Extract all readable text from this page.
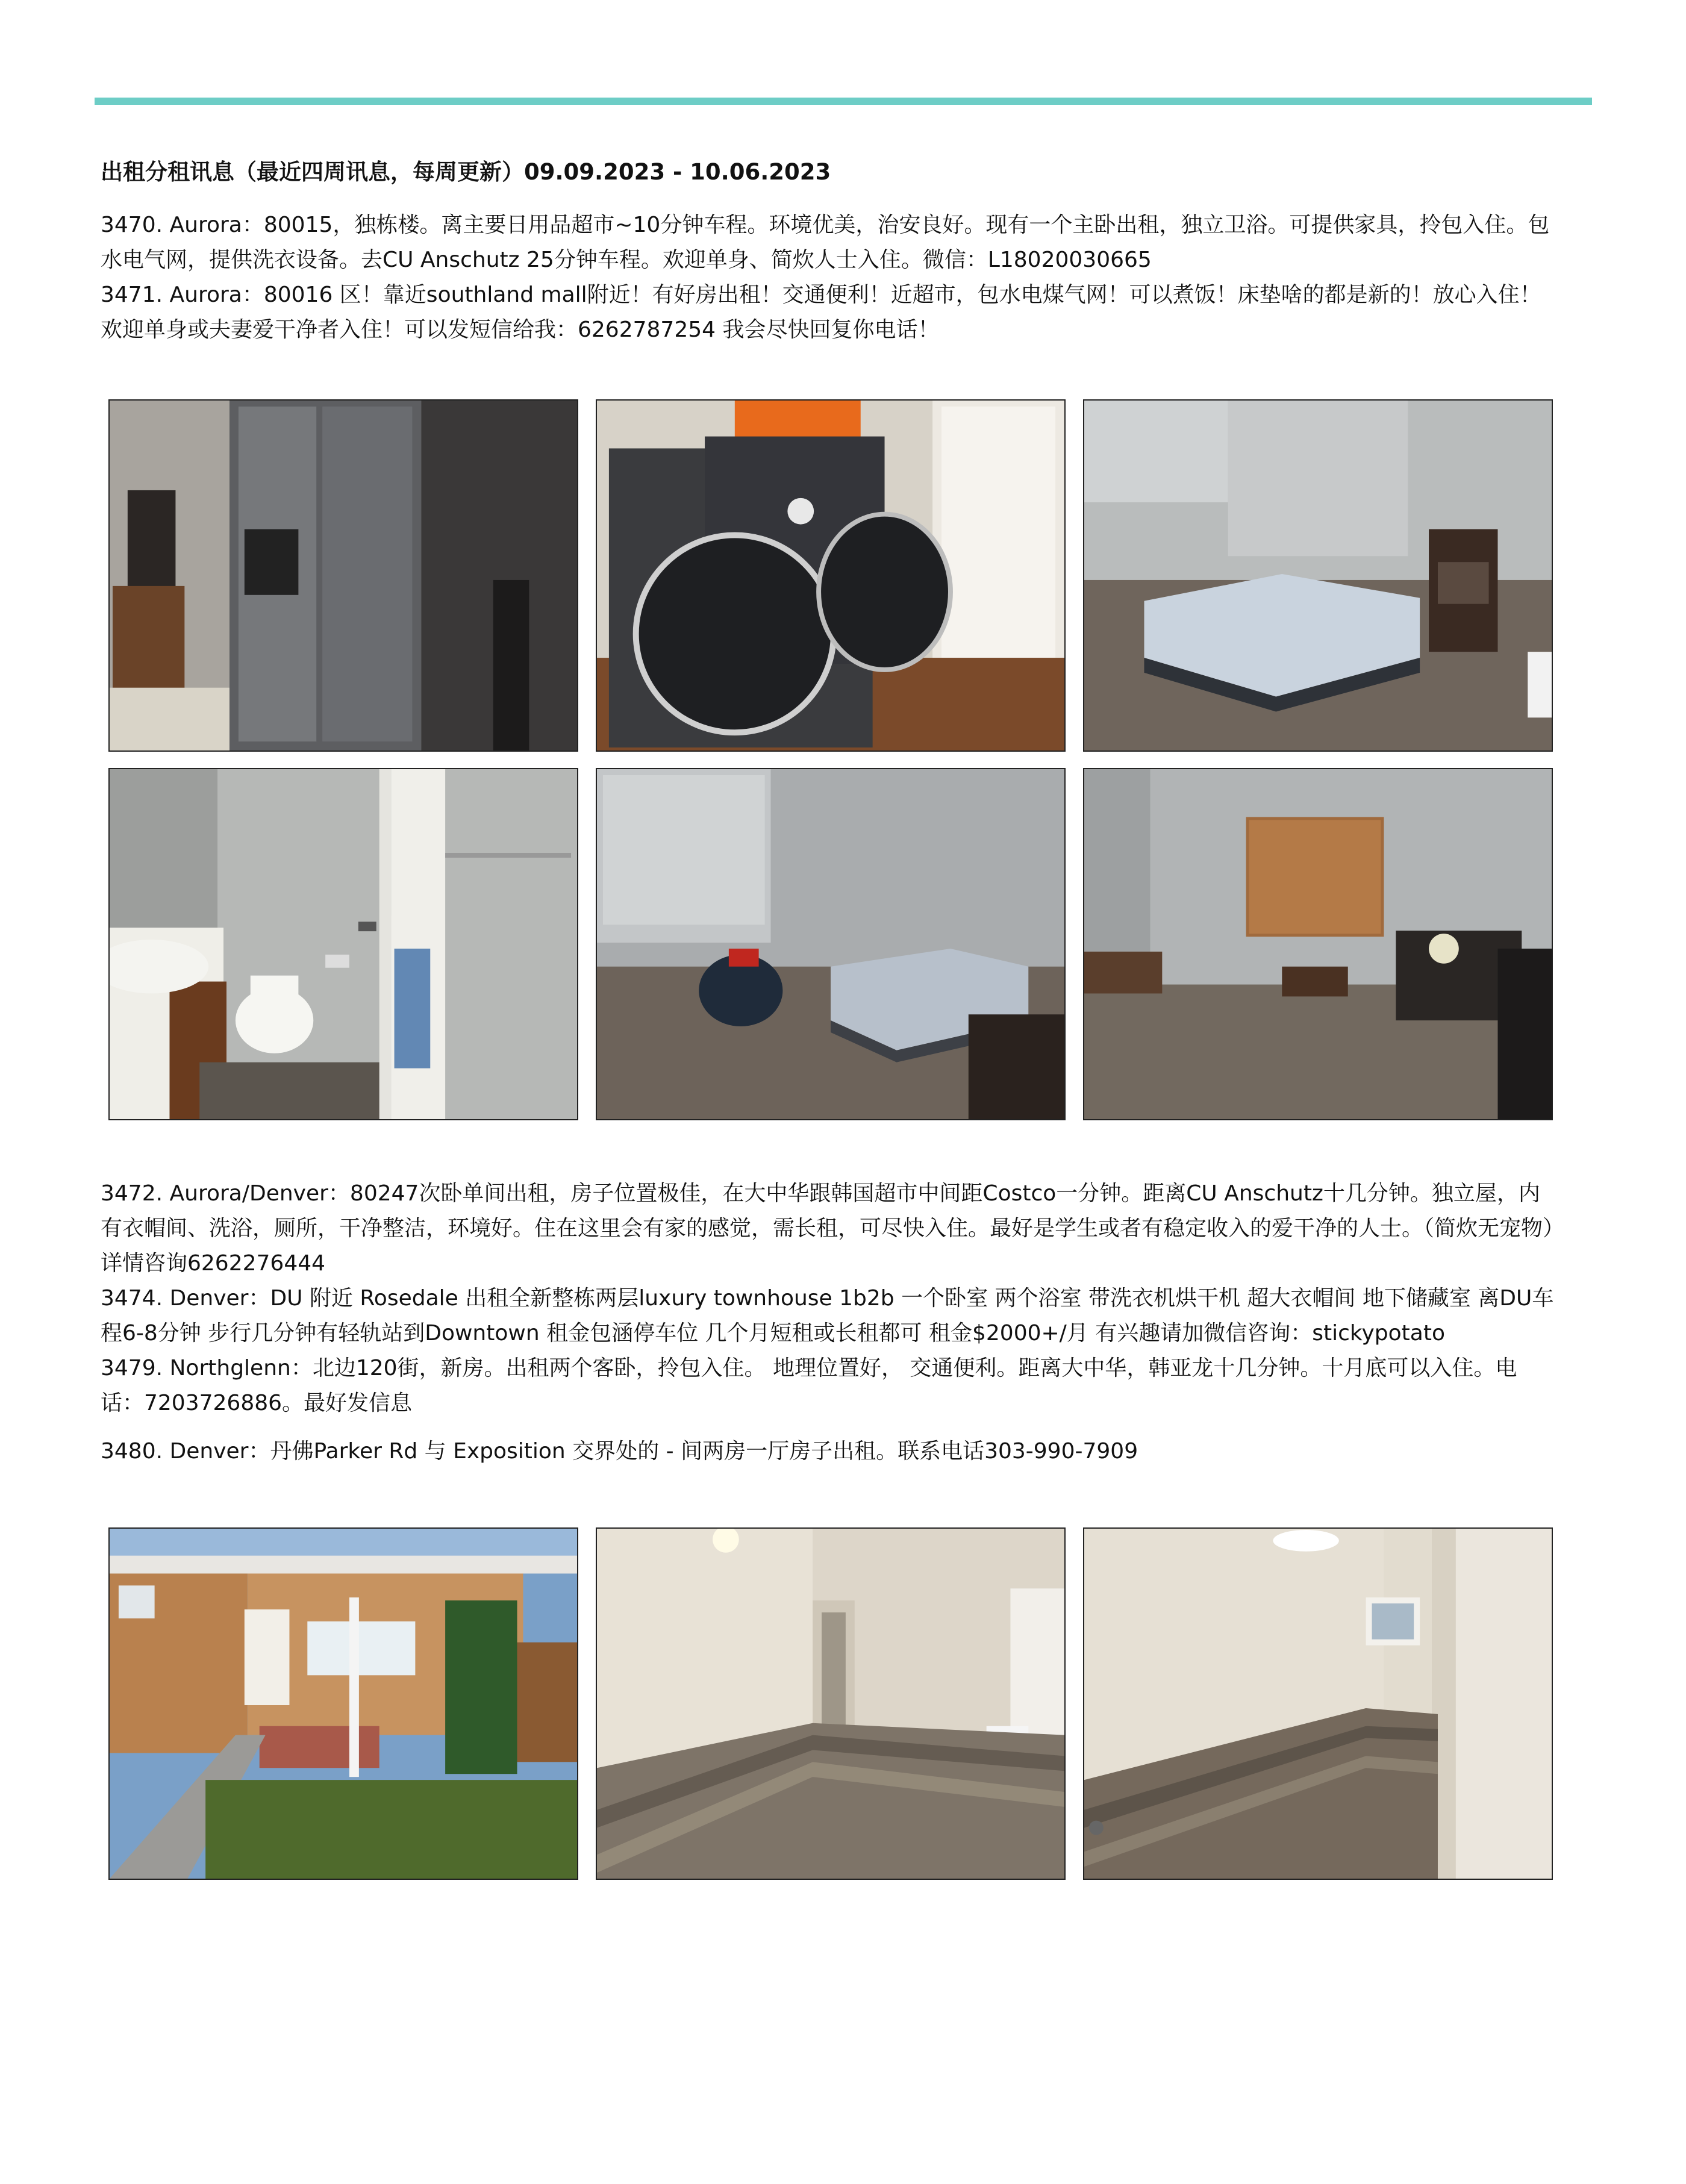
出租分租讯息（最近四周讯息，每周更新）09.09.2023 - 10.06.2023

3470. Aurora：80015，独栋楼。离主要日用品超市~10分钟车程。环境优美，治安良好。现有一个主卧出租，独立卫浴。可提供家具，拎包入住。包水电气网，提供洗衣设备。去CU Anschutz 25分钟车程。欢迎单身、简炊人士入住。微信：L18020030665

3471. Aurora：80016 区！靠近southland mall附近！有好房出租！交通便利！近超市，包水电煤气网！可以煮饭！床垫啥的都是新的！放心入住！欢迎单身或夫妻爱干净者入住！可以发短信给我：6262787254 我会尽快回复你电话！

3472. Aurora/Denver：80247次卧单间出租，房子位置极佳，在大中华跟韩国超市中间距Costco一分钟。距离CU Anschutz十几分钟。独立屋，内有衣帽间、洗浴，厕所，干净整洁，环境好。住在这里会有家的感觉，需长租，可尽快入住。最好是学生或者有稳定收入的爱干净的人士。（简炊无宠物）详情咨询6262276444

3474. Denver：DU 附近 Rosedale 出租全新整栋两层luxury townhouse 1b2b 一个卧室 两个浴室 带洗衣机烘干机 超大衣帽间 地下储藏室 离DU车程6-8分钟 步行几分钟有轻轨站到Downtown 租金包涵停车位 几个月短租或长租都可 租金$2000+/月 有兴趣请加微信咨询：stickypotato

3479. Northglenn：北边120街，新房。出租两个客卧，拎包入住。 地理位置好， 交通便利。距离大中华，韩亚龙十几分钟。十月底可以入住。电话：7203726886。最好发信息

3480. Denver：丹佛Parker Rd 与 Exposition 交界处的 - 间两房一厅房子出租。联系电话303-990-7909
